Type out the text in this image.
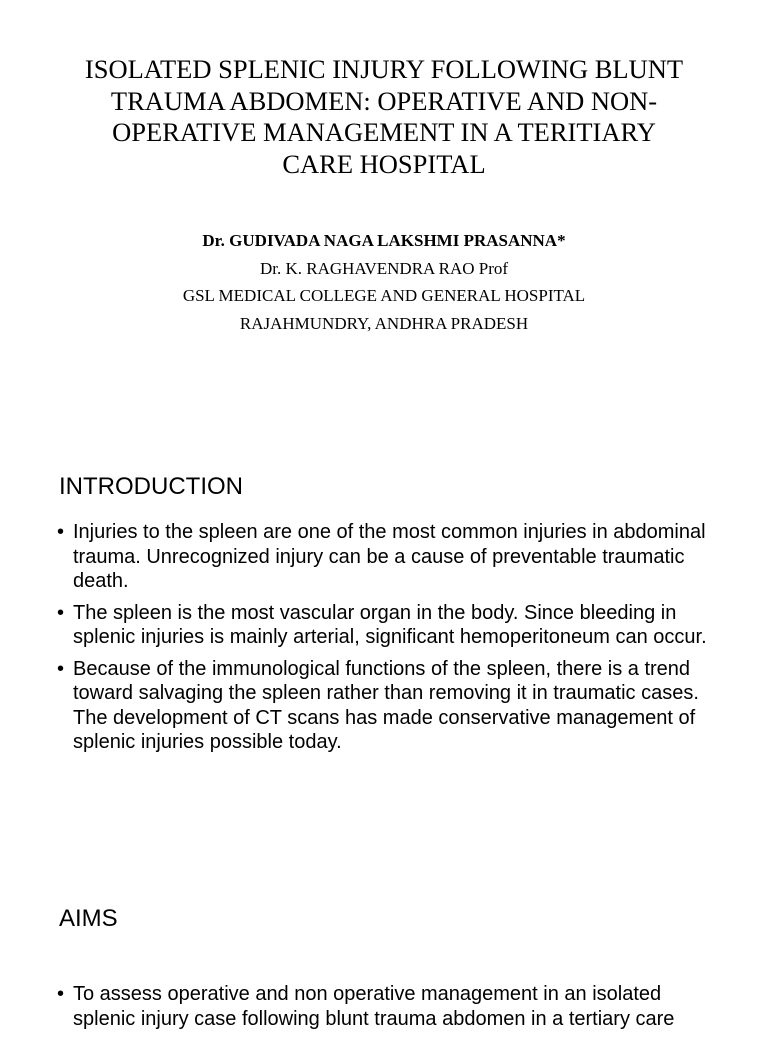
ISOLATED SPLENIC INJURY FOLLOWING BLUNT TRAUMA ABDOMEN: OPERATIVE AND NON-OPERATIVE MANAGEMENT IN A TERITIARY CARE HOSPITAL
Dr. GUDIVADA NAGA LAKSHMI PRASANNA*
Dr. K. RAGHAVENDRA RAO Prof
GSL MEDICAL COLLEGE AND GENERAL HOSPITAL
RAJAHMUNDRY, ANDHRA PRADESH
INTRODUCTION
• Injuries to the spleen are one of the most common injuries in abdominal trauma. Unrecognized injury can be a cause of preventable traumatic death.
• The spleen is the most vascular organ in the body. Since bleeding in splenic injuries is mainly arterial, significant hemoperitoneum can occur.
• Because of the immunological functions of the spleen, there is a trend toward salvaging the spleen rather than removing it in traumatic cases. The development of CT scans has made conservative management of splenic injuries possible today.
AIMS
• To assess operative and non operative management in an isolated splenic injury case following blunt trauma abdomen in a tertiary care
